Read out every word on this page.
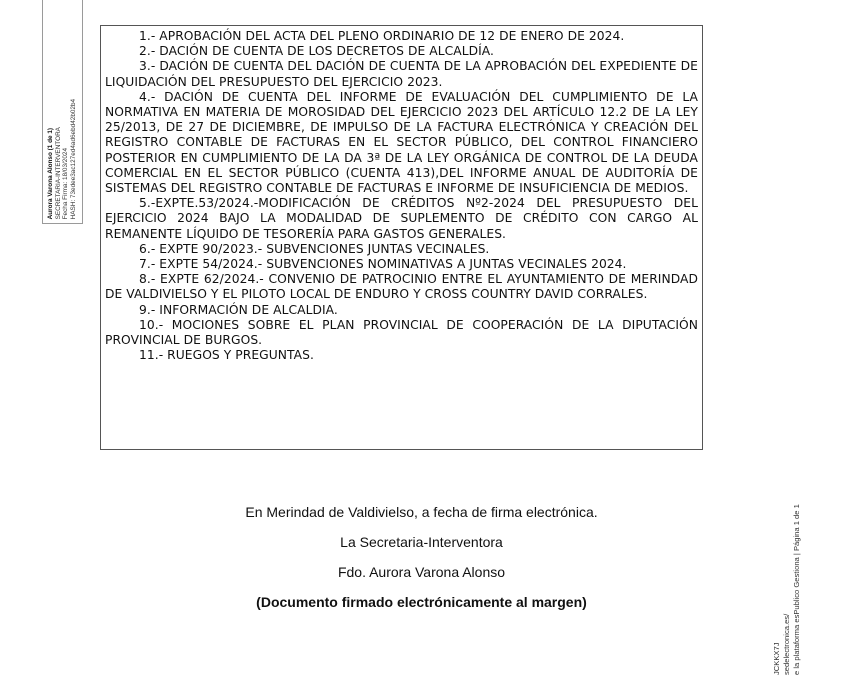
Aurora Varona Alonso (1 de 1) SECRETARIA-INTERVENTORA Fecha Firma: 18/03/2024 HASH: 73edee3ac127ed4ad6ebd42b02b4

1.- APROBACIÓN DEL ACTA DEL PLENO ORDINARIO DE 12 DE ENERO DE 2024.

2.- DACIÓN DE CUENTA DE LOS DECRETOS DE ALCALDÍA.

3.- DACIÓN DE CUENTA DEL DACIÓN DE CUENTA DE LA APROBACIÓN DEL EXPEDIENTE DE LIQUIDACIÓN DEL PRESUPUESTO DEL EJERCICIO 2023.

4.- DACIÓN DE CUENTA DEL INFORME DE EVALUACIÓN DEL CUMPLIMIENTO DE LA NORMATIVA EN MATERIA DE MOROSIDAD DEL EJERCICIO 2023 DEL ARTÍCULO 12.2 DE LA LEY 25/2013, DE 27 DE DICIEMBRE, DE IMPULSO DE LA FACTURA ELECTRÓNICA Y CREACIÓN DEL REGISTRO CONTABLE DE FACTURAS EN EL SECTOR PÚBLICO, DEL CONTROL FINANCIERO POSTERIOR EN CUMPLIMIENTO DE LA DA 3ª DE LA LEY ORGÁNICA DE CONTROL DE LA DEUDA COMERCIAL EN EL SECTOR PÚBLICO (CUENTA 413),DEL INFORME ANUAL DE AUDITORÍA DE SISTEMAS DEL REGISTRO CONTABLE DE FACTURAS E INFORME DE INSUFICIENCIA DE MEDIOS.

5.-EXPTE.53/2024.-MODIFICACIÓN DE CRÉDITOS Nº2-2024 DEL PRESUPUESTO DEL EJERCICIO 2024 BAJO LA MODALIDAD DE SUPLEMENTO DE CRÉDITO CON CARGO AL REMANENTE LÍQUIDO DE TESORERÍA PARA GASTOS GENERALES.

6.- EXPTE 90/2023.- SUBVENCIONES JUNTAS VECINALES.

7.- EXPTE 54/2024.- SUBVENCIONES NOMINATIVAS A JUNTAS VECINALES 2024.

8.- EXPTE 62/2024.- CONVENIO DE PATROCINIO ENTRE EL AYUNTAMIENTO DE MERINDAD DE VALDIVIELSO Y EL PILOTO LOCAL DE ENDURO Y CROSS COUNTRY DAVID CORRALES.

9.- INFORMACIÓN DE ALCALDIA.

10.- MOCIONES SOBRE EL PLAN PROVINCIAL DE COOPERACIÓN DE LA DIPUTACIÓN PROVINCIAL DE BURGOS.

11.- RUEGOS Y PREGUNTAS.

En Merindad de Valdivielso, a fecha de firma electrónica.
La Secretaria-Interventora
Fdo. Aurora Varona Alonso
(Documento firmado electrónicamente al margen)
JCKKX7J sedelectronica.es/ e la plataforma esPublico Gestiona | Página 1 de 1
